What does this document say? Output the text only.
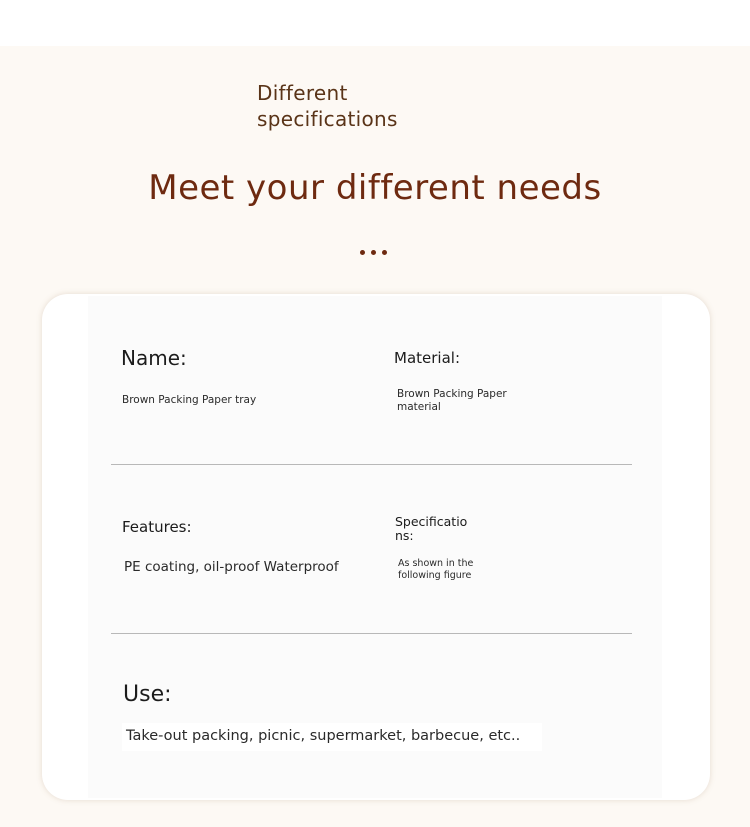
Different
specifications
Meet your different needs
Name:
Brown Packing Paper tray
Material:
Brown Packing Paper
material
Features:
PE coating, oil-proof Waterproof
Specificatio
ns:
As shown in the
following figure
Use:
Take-out packing, picnic, supermarket, barbecue, etc..
